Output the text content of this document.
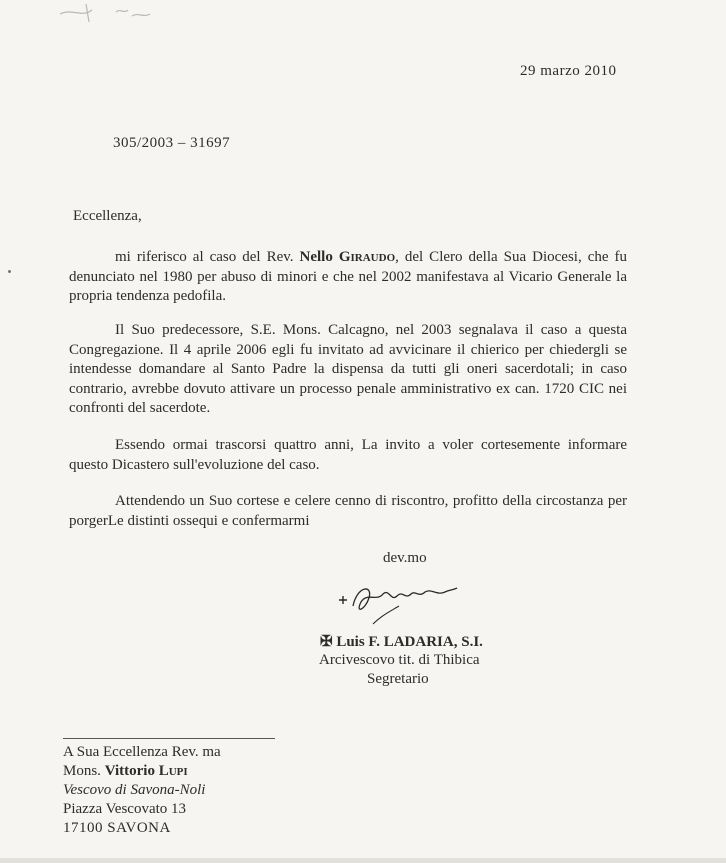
29 marzo 2010

305/2003 – 31697

Eccellenza,

mi riferisco al caso del Rev. Nello Giraudo, del Clero della Sua Diocesi, che fu denunciato nel 1980 per abuso di minori e che nel 2002 manifestava al Vicario Generale la propria tendenza pedofila.

Il Suo predecessore, S.E. Mons. Calcagno, nel 2003 segnalava il caso a questa Congregazione. Il 4 aprile 2006 egli fu invitato ad avvicinare il chierico per chiedergli se intendesse domandare al Santo Padre la dispensa da tutti gli oneri sacerdotali; in caso contrario, avrebbe dovuto attivare un processo penale amministrativo ex can. 1720 CIC nei confronti del sacerdote.

Essendo ormai trascorsi quattro anni, La invito a voler cortesemente informare questo Dicastero sull'evoluzione del caso.

Attendendo un Suo cortese e celere cenno di riscontro, profitto della circostanza per porgerLe distinti ossequi e confermarmi

dev.mo

✠ Luis F. LADARIA, S.I.

Arcivescovo tit. di Thibica

Segretario

A Sua Eccellenza Rev. ma

Mons. Vittorio Lupi

Vescovo di Savona-Noli

Piazza Vescovato 13

17100 SAVONA
